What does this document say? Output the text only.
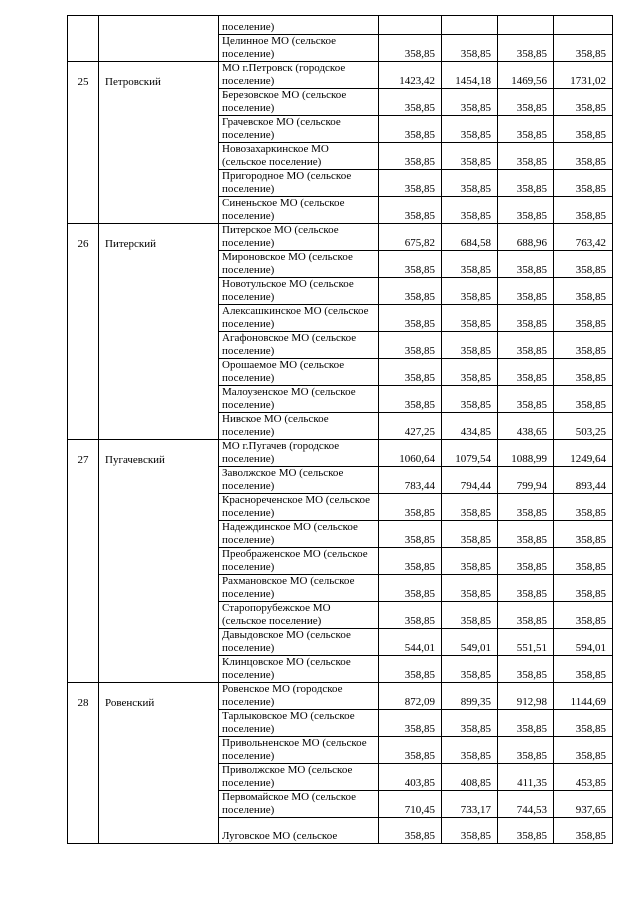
		поселение)				
		Целинное МО (сельское поселение)	358,85	358,85	358,85	358,85
25	Петровский	МО г.Петровск (городское поселение)	1423,42	1454,18	1469,56	1731,02
		Березовское МО (сельское поселение)	358,85	358,85	358,85	358,85
		Грачевское МО (сельское поселение)	358,85	358,85	358,85	358,85
		Новозахаркинское МО (сельское поселение)	358,85	358,85	358,85	358,85
		Пригородное МО (сельское поселение)	358,85	358,85	358,85	358,85
		Синеньское МО (сельское поселение)	358,85	358,85	358,85	358,85
26	Питерский	Питерское МО (сельское поселение)	675,82	684,58	688,96	763,42
		Мироновское МО (сельское поселение)	358,85	358,85	358,85	358,85
		Новотульское МО (сельское поселение)	358,85	358,85	358,85	358,85
		Алексашкинское МО (сельское поселение)	358,85	358,85	358,85	358,85
		Агафоновское МО (сельское поселение)	358,85	358,85	358,85	358,85
		Орошаемое МО (сельское поселение)	358,85	358,85	358,85	358,85
		Малоузенское МО (сельское поселение)	358,85	358,85	358,85	358,85
		Нивское МО (сельское поселение)	427,25	434,85	438,65	503,25
27	Пугачевский	МО г.Пугачев (городское поселение)	1060,64	1079,54	1088,99	1249,64
		Заволжское МО (сельское поселение)	783,44	794,44	799,94	893,44
		Краснореченское МО (сельское поселение)	358,85	358,85	358,85	358,85
		Надеждинское МО (сельское поселение)	358,85	358,85	358,85	358,85
		Преображенское МО (сельское поселение)	358,85	358,85	358,85	358,85
		Рахмановское МО (сельское поселение)	358,85	358,85	358,85	358,85
		Старопорубежское МО (сельское поселение)	358,85	358,85	358,85	358,85
		Давыдовское МО (сельское поселение)	544,01	549,01	551,51	594,01
		Клинцовское МО (сельское поселение)	358,85	358,85	358,85	358,85
28	Ровенский	Ровенское МО (городское поселение)	872,09	899,35	912,98	1144,69
		Тарлыковское МО (сельское поселение)	358,85	358,85	358,85	358,85
		Привольненское МО (сельское поселение)	358,85	358,85	358,85	358,85
		Приволжское МО (сельское поселение)	403,85	408,85	411,35	453,85
		Первомайское МО (сельское поселение)	710,45	733,17	744,53	937,65
		Луговское МО (сельское	358,85	358,85	358,85	358,85
